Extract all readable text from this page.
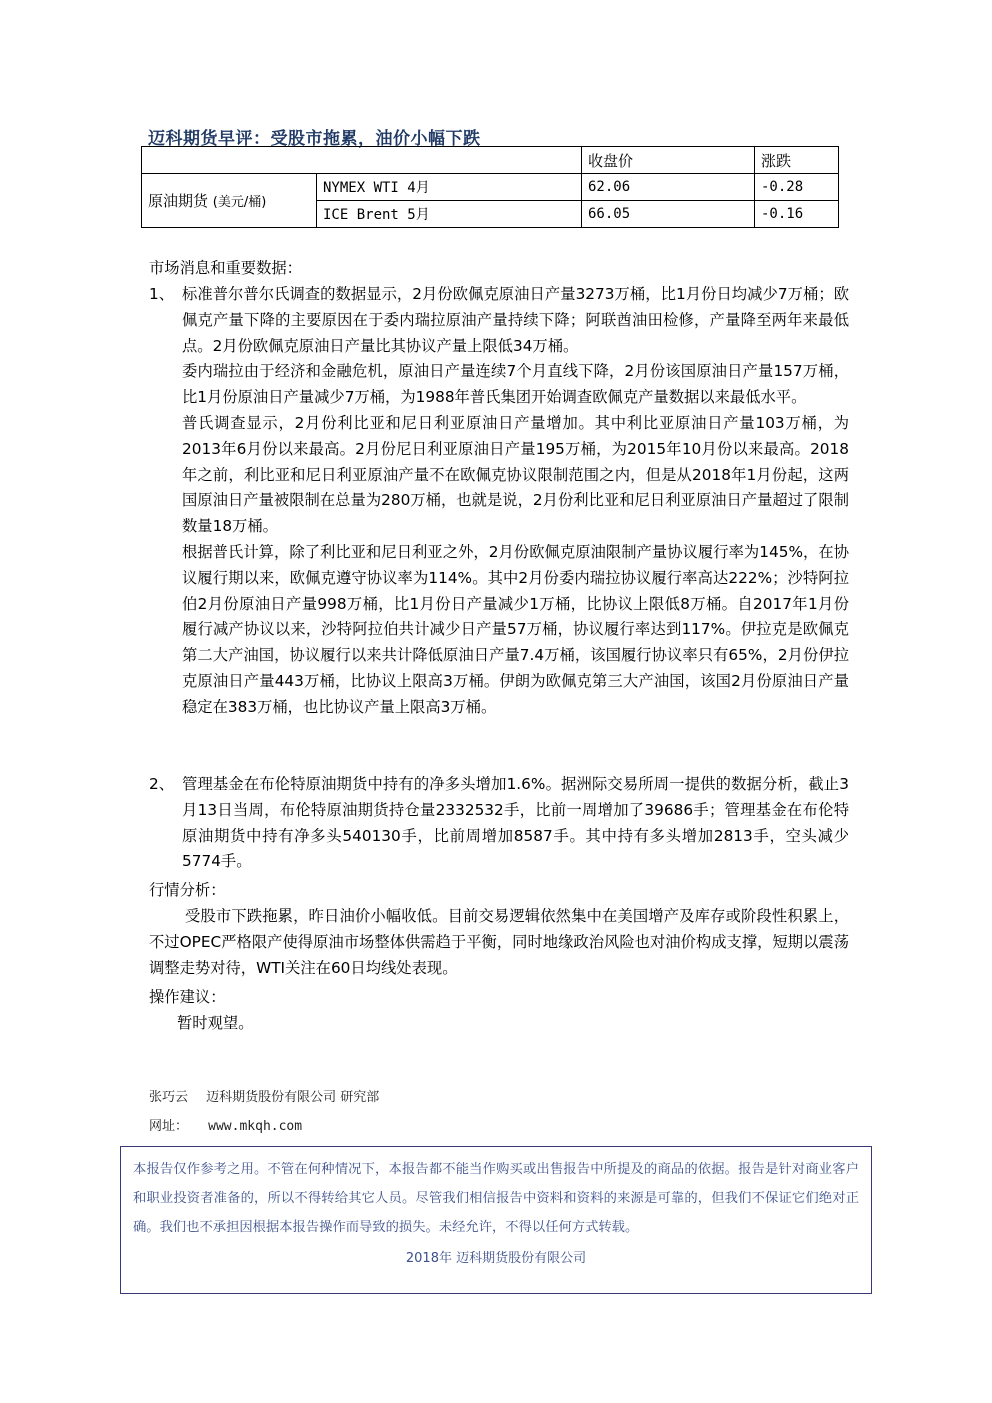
迈科期货早评：受股市拖累，油价小幅下跌
		收盘价	涨跌
原油期货 (美元/桶)	NYMEX WTI 4月	62.06	-0.28
	ICE Brent 5月	66.05	-0.16
市场消息和重要数据：
1、 标准普尔普尔氏调查的数据显示，2月份欧佩克原油日产量3273万桶，比1月份日均减少7万桶；欧佩克产量下降的主要原因在于委内瑞拉原油产量持续下降；阿联酋油田检修，产量降至两年来最低点。2月份欧佩克原油日产量比其协议产量上限低34万桶。

委内瑞拉由于经济和金融危机，原油日产量连续7个月直线下降，2月份该国原油日产量157万桶，比1月份原油日产量减少7万桶，为1988年普氏集团开始调查欧佩克产量数据以来最低水平。

普氏调查显示，2月份利比亚和尼日利亚原油日产量增加。其中利比亚原油日产量103万桶，为2013年6月份以来最高。2月份尼日利亚原油日产量195万桶，为2015年10月份以来最高。2018年之前，利比亚和尼日利亚原油产量不在欧佩克协议限制范围之内，但是从2018年1月份起，这两国原油日产量被限制在总量为280万桶，也就是说，2月份利比亚和尼日利亚原油日产量超过了限制数量18万桶。

根据普氏计算，除了利比亚和尼日利亚之外，2月份欧佩克原油限制产量协议履行率为145%，在协议履行期以来，欧佩克遵守协议率为114%。其中2月份委内瑞拉协议履行率高达222%；沙特阿拉伯2月份原油日产量998万桶，比1月份日产量减少1万桶，比协议上限低8万桶。自2017年1月份履行减产协议以来，沙特阿拉伯共计减少日产量57万桶，协议履行率达到117%。伊拉克是欧佩克第二大产油国，协议履行以来共计降低原油日产量7.4万桶，该国履行协议率只有65%，2月份伊拉克原油日产量443万桶，比协议上限高3万桶。伊朗为欧佩克第三大产油国，该国2月份原油日产量稳定在383万桶，也比协议产量上限高3万桶。

2、 管理基金在布伦特原油期货中持有的净多头增加1.6%。据洲际交易所周一提供的数据分析，截止3月13日当周，布伦特原油期货持仓量2332532手，比前一周增加了39686手；管理基金在布伦特原油期货中持有净多头540130手，比前周增加8587手。其中持有多头增加2813手，空头减少5774手。

行情分析：
受股市下跌拖累，昨日油价小幅收低。目前交易逻辑依然集中在美国增产及库存或阶段性积累上，不过OPEC严格限产使得原油市场整体供需趋于平衡，同时地缘政治风险也对油价构成支撑，短期以震荡调整走势对待，WTI关注在60日均线处表现。
操作建议：
暂时观望。
张巧云 迈科期货股份有限公司 研究部
网址： www.mkqh.com
本报告仅作参考之用。不管在何种情况下，本报告都不能当作购买或出售报告中所提及的商品的依据。报告是针对商业客户和职业投资者准备的，所以不得转给其它人员。尽管我们相信报告中资料和资料的来源是可靠的，但我们不保证它们绝对正确。我们也不承担因根据本报告操作而导致的损失。未经允许，不得以任何方式转载。
2018年 迈科期货股份有限公司
